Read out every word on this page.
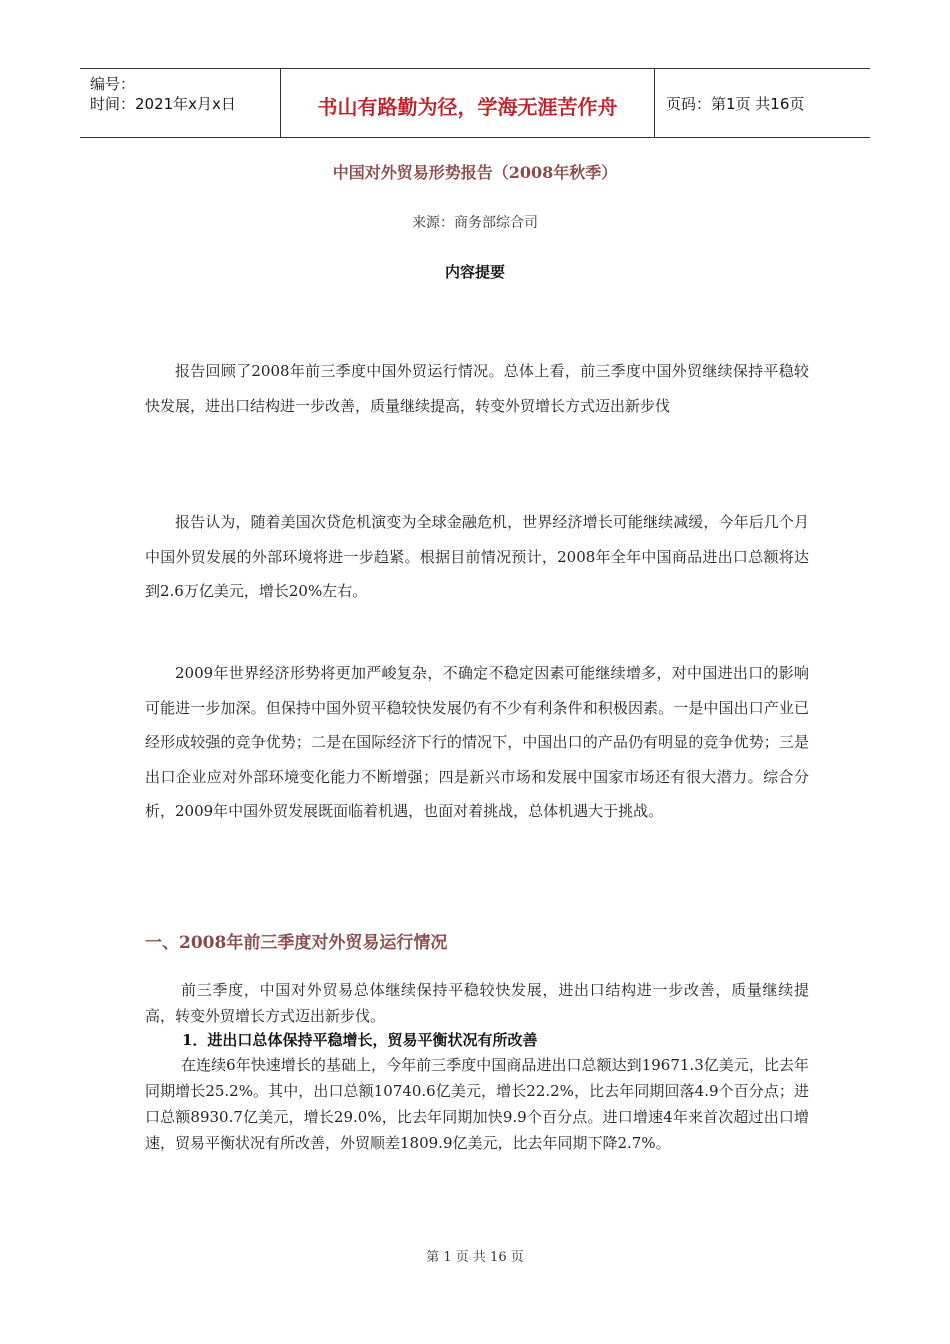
编号：
时间：2021年x月x日	书山有路勤为径，学海无涯苦作舟	页码：第1页 共16页
中国对外贸易形势报告（2008年秋季）
来源：商务部综合司
内容提要
报告回顾了2008年前三季度中国外贸运行情况。总体上看，前三季度中国外贸继续保持平稳较快发展，进出口结构进一步改善，质量继续提高，转变外贸增长方式迈出新步伐
报告认为，随着美国次贷危机演变为全球金融危机，世界经济增长可能继续减缓，今年后几个月中国外贸发展的外部环境将进一步趋紧。根据目前情况预计，2008年全年中国商品进出口总额将达到2.6万亿美元，增长20%左右。
2009年世界经济形势将更加严峻复杂，不确定不稳定因素可能继续增多，对中国进出口的影响可能进一步加深。但保持中国外贸平稳较快发展仍有不少有利条件和积极因素。一是中国出口产业已经形成较强的竞争优势；二是在国际经济下行的情况下，中国出口的产品仍有明显的竞争优势；三是出口企业应对外部环境变化能力不断增强；四是新兴市场和发展中国家市场还有很大潜力。综合分析，2009年中国外贸发展既面临着机遇，也面对着挑战，总体机遇大于挑战。
一、2008年前三季度对外贸易运行情况
前三季度，中国对外贸易总体继续保持平稳较快发展，进出口结构进一步改善，质量继续提高，转变外贸增长方式迈出新步伐。
1．进出口总体保持平稳增长，贸易平衡状况有所改善
在连续6年快速增长的基础上，今年前三季度中国商品进出口总额达到19671.3亿美元，比去年同期增长25.2%。其中，出口总额10740.6亿美元，增长22.2%，比去年同期回落4.9个百分点；进口总额8930.7亿美元，增长29.0%，比去年同期加快9.9个百分点。进口增速4年来首次超过出口增速，贸易平衡状况有所改善，外贸顺差1809.9亿美元，比去年同期下降2.7%。
第 1 页 共 16 页
